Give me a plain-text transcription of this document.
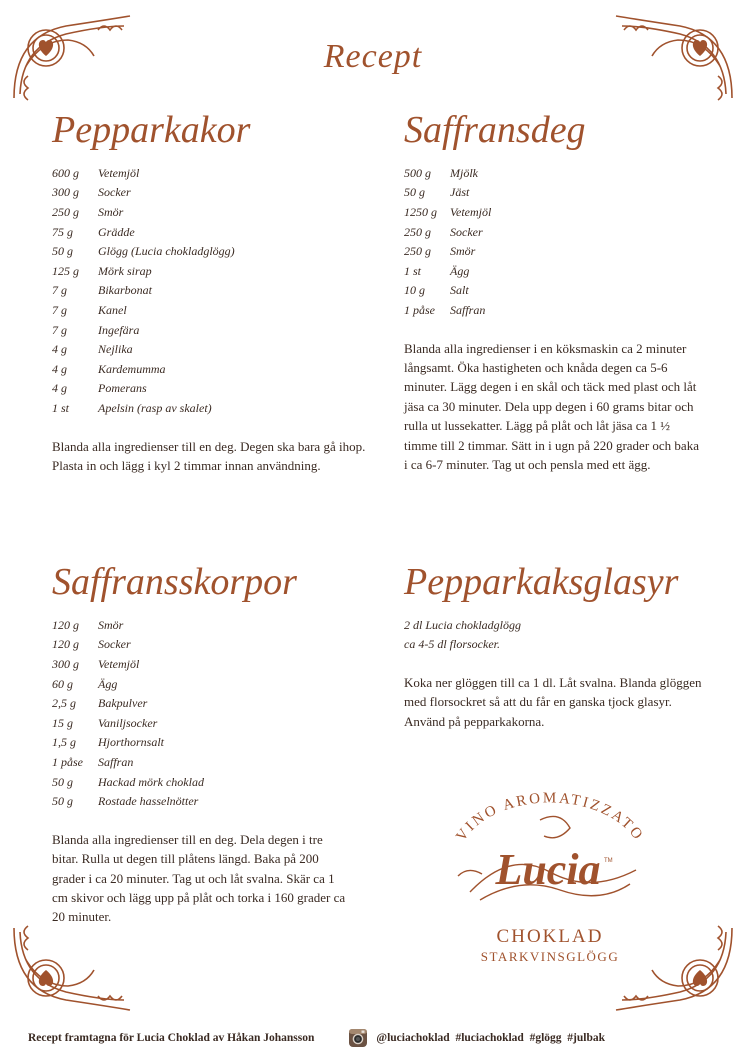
Recept
Pepparkakor
600 g	Vetemjöl
300 g	Socker
250 g	Smör
75 g	Grädde
50 g	Glögg (Lucia chokladglögg)
125 g	Mörk sirap
7 g	Bikarbonat
7 g	Kanel
7 g	Ingefära
4 g	Nejlika
4 g	Kardemumma
4 g	Pomerans
1 st	Apelsin (rasp av skalet)
Blanda alla ingredienser till en deg. Degen ska bara gå ihop. Plasta in och lägg i kyl 2 timmar innan användning.
Saffransdeg
500 g	Mjölk
50 g	Jäst
1250 g	Vetemjöl
250 g	Socker
250 g	Smör
1 st	Ägg
10 g	Salt
1 påse	Saffran
Blanda alla ingredienser i en köksmaskin ca 2 minuter långsamt. Öka hastigheten och knåda degen ca 5-6 minuter. Lägg degen i en skål och täck med plast och låt jäsa ca 30 minuter. Dela upp degen i 60 grams bitar och rulla ut lussekatter. Lägg på plåt och låt jäsa ca 1 ½ timme till 2 timmar. Sätt in i ugn på 220 grader och baka i ca 6-7 minuter. Tag ut och pensla med ett ägg.
Saffransskorpor
120 g	Smör
120 g	Socker
300 g	Vetemjöl
60 g	Ägg
2,5 g	Bakpulver
15 g	Vaniljsocker
1,5 g	Hjorthornsalt
1 påse	Saffran
50 g	Hackad mörk choklad
50 g	Rostade hasselnötter
Blanda alla ingredienser till en deg. Dela degen i tre bitar. Rulla ut degen till plåtens längd. Baka på 200 grader i ca 20 minuter. Tag ut och låt svalna. Skär ca 1 cm skivor och lägg upp på plåt och torka i 160 grader ca 20 minuter.
Pepparkaksglasyr
2 dl Lucia chokladglögg
ca 4-5 dl florsocker.
Koka ner glöggen till ca 1 dl. Låt svalna. Blanda glöggen med florsockret så att du får en ganska tjock glasyr. Använd på pepparkakorna.
VINO AROMATIZZATO
Lucia TM
CHOKLAD
STARKVINSGLÖGG
Recept framtagna för Lucia Choklad av Håkan Johansson	@luciachoklad  #luciachoklad  #glögg  #julbak
